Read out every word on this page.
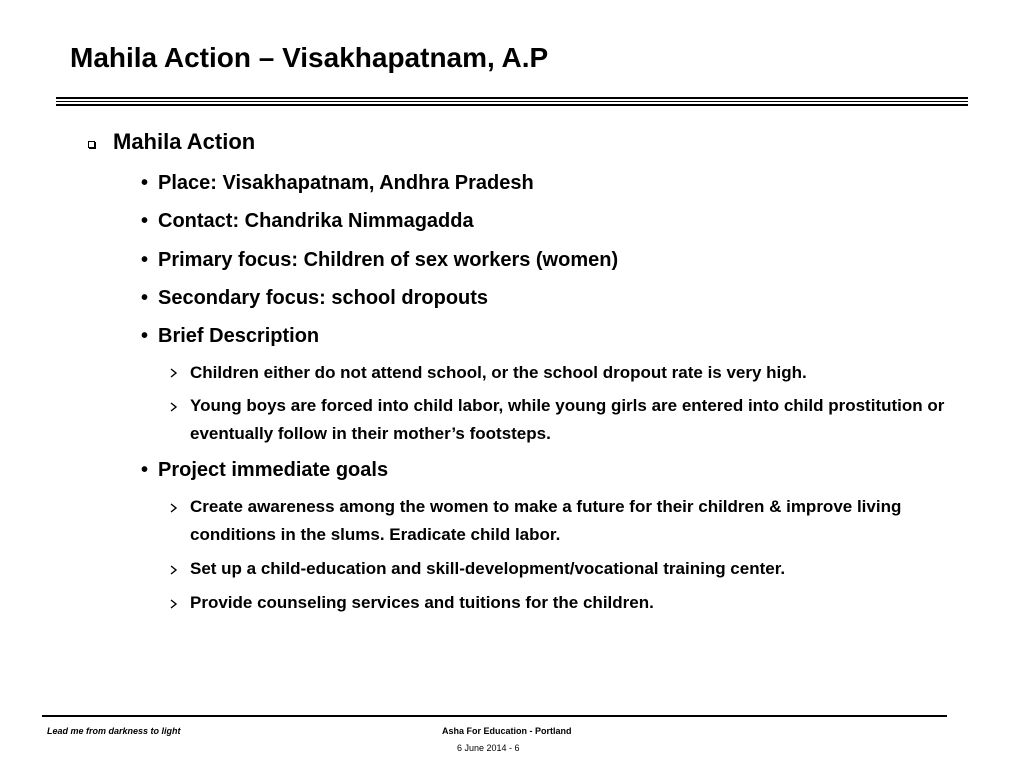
Mahila Action – Visakhapatnam, A.P
Mahila Action
• Place: Visakhapatnam, Andhra Pradesh
• Contact: Chandrika Nimmagadda
• Primary focus: Children of sex workers (women)
• Secondary focus: school dropouts
• Brief Description
Children either do not attend school, or the school dropout rate is very high.
Young boys are forced into child labor, while young girls are entered into child prostitution or eventually follow in their mother’s footsteps.
• Project immediate goals
Create awareness among the women to make a future for their children & improve living conditions in the slums. Eradicate child labor.
Set up a child-education and skill-development/vocational training center.
Provide counseling services and tuitions for the children.
Lead me from darkness to light	Asha For Education - Portland
6 June 2014 - 6
